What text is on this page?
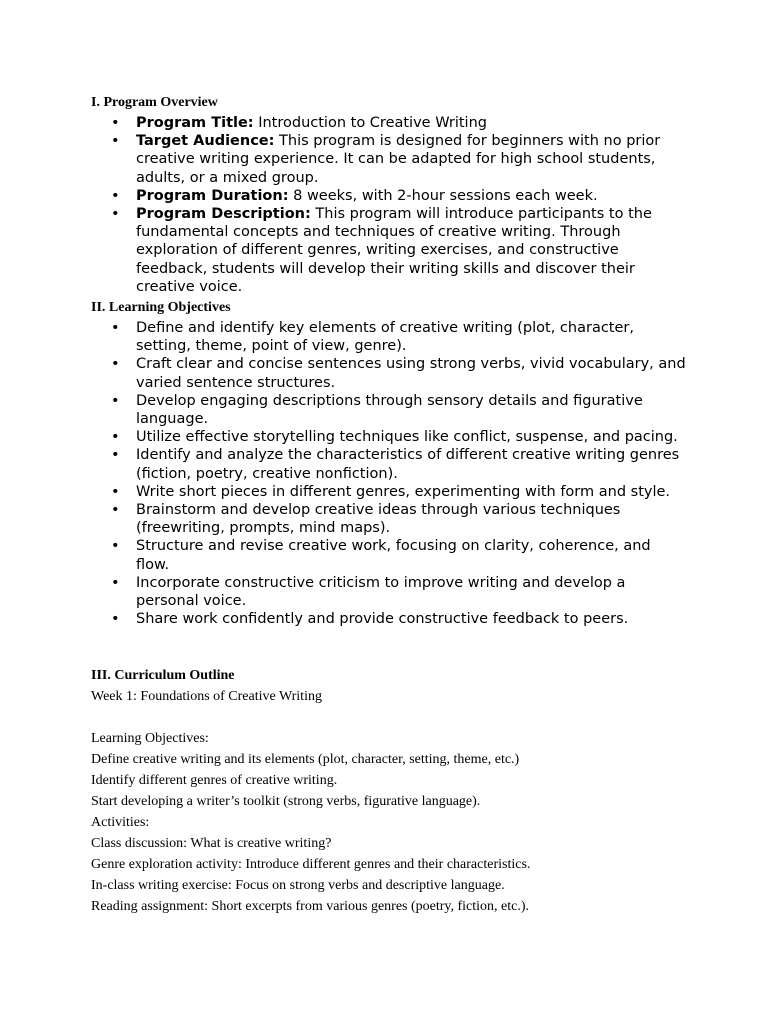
I. Program Overview
• Program Title: Introduction to Creative Writing
• Target Audience: This program is designed for beginners with no prior creative writing experience. It can be adapted for high school students, adults, or a mixed group.
• Program Duration: 8 weeks, with 2-hour sessions each week.
• Program Description: This program will introduce participants to the fundamental concepts and techniques of creative writing. Through exploration of different genres, writing exercises, and constructive feedback, students will develop their writing skills and discover their creative voice.
II. Learning Objectives
• Define and identify key elements of creative writing (plot, character, setting, theme, point of view, genre).
• Craft clear and concise sentences using strong verbs, vivid vocabulary, and varied sentence structures.
• Develop engaging descriptions through sensory details and figurative language.
• Utilize effective storytelling techniques like conflict, suspense, and pacing.
• Identify and analyze the characteristics of different creative writing genres (fiction, poetry, creative nonfiction).
• Write short pieces in different genres, experimenting with form and style.
• Brainstorm and develop creative ideas through various techniques (freewriting, prompts, mind maps).
• Structure and revise creative work, focusing on clarity, coherence, and flow.
• Incorporate constructive criticism to improve writing and develop a personal voice.
• Share work confidently and provide constructive feedback to peers.
III. Curriculum Outline

Week 1: Foundations of Creative Writing

Learning Objectives:

Define creative writing and its elements (plot, character, setting, theme, etc.)

Identify different genres of creative writing.

Start developing a writer’s toolkit (strong verbs, figurative language).

Activities:

Class discussion: What is creative writing?

Genre exploration activity: Introduce different genres and their characteristics.

In-class writing exercise: Focus on strong verbs and descriptive language.

Reading assignment: Short excerpts from various genres (poetry, fiction, etc.).
